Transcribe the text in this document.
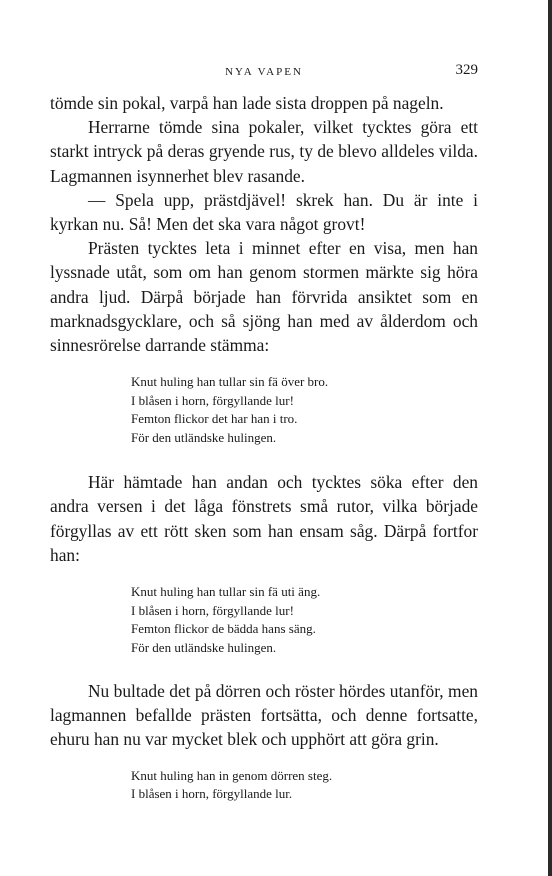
NYA VAPEN	329

tömde sin pokal, varpå han lade sista droppen på nageln.

Herrarne tömde sina pokaler, vilket tycktes göra ett starkt intryck på deras gryende rus, ty de blevo alldeles vilda. Lagmannen isynnerhet blev rasande.

— Spela upp, prästdjävel! skrek han. Du är inte i kyrkan nu. Så! Men det ska vara något grovt!

Prästen tycktes leta i minnet efter en visa, men han lyssnade utåt, som om han genom stormen märkte sig höra andra ljud. Därpå började han förvrida ansiktet som en marknadsgycklare, och så sjöng han med av ålderdom och sinnesrörelse darrande stämma:

Knut huling han tullar sin fä över bro.
I blåsen i horn, förgyllande lur!
Femton flickor det har han i tro.
För den utländske hulingen.

Här hämtade han andan och tycktes söka efter den andra versen i det låga fönstrets små rutor, vilka började förgyllas av ett rött sken som han ensam såg. Därpå fortfor han:

Knut huling han tullar sin fä uti äng.
I blåsen i horn, förgyllande lur!
Femton flickor de bädda hans säng.
För den utländske hulingen.

Nu bultade det på dörren och röster hördes utanför, men lagmannen befallde prästen fortsätta, och denne fortsatte, ehuru han nu var mycket blek och upphört att göra grin.

Knut huling han in genom dörren steg.
I blåsen i horn, förgyllande lur.
